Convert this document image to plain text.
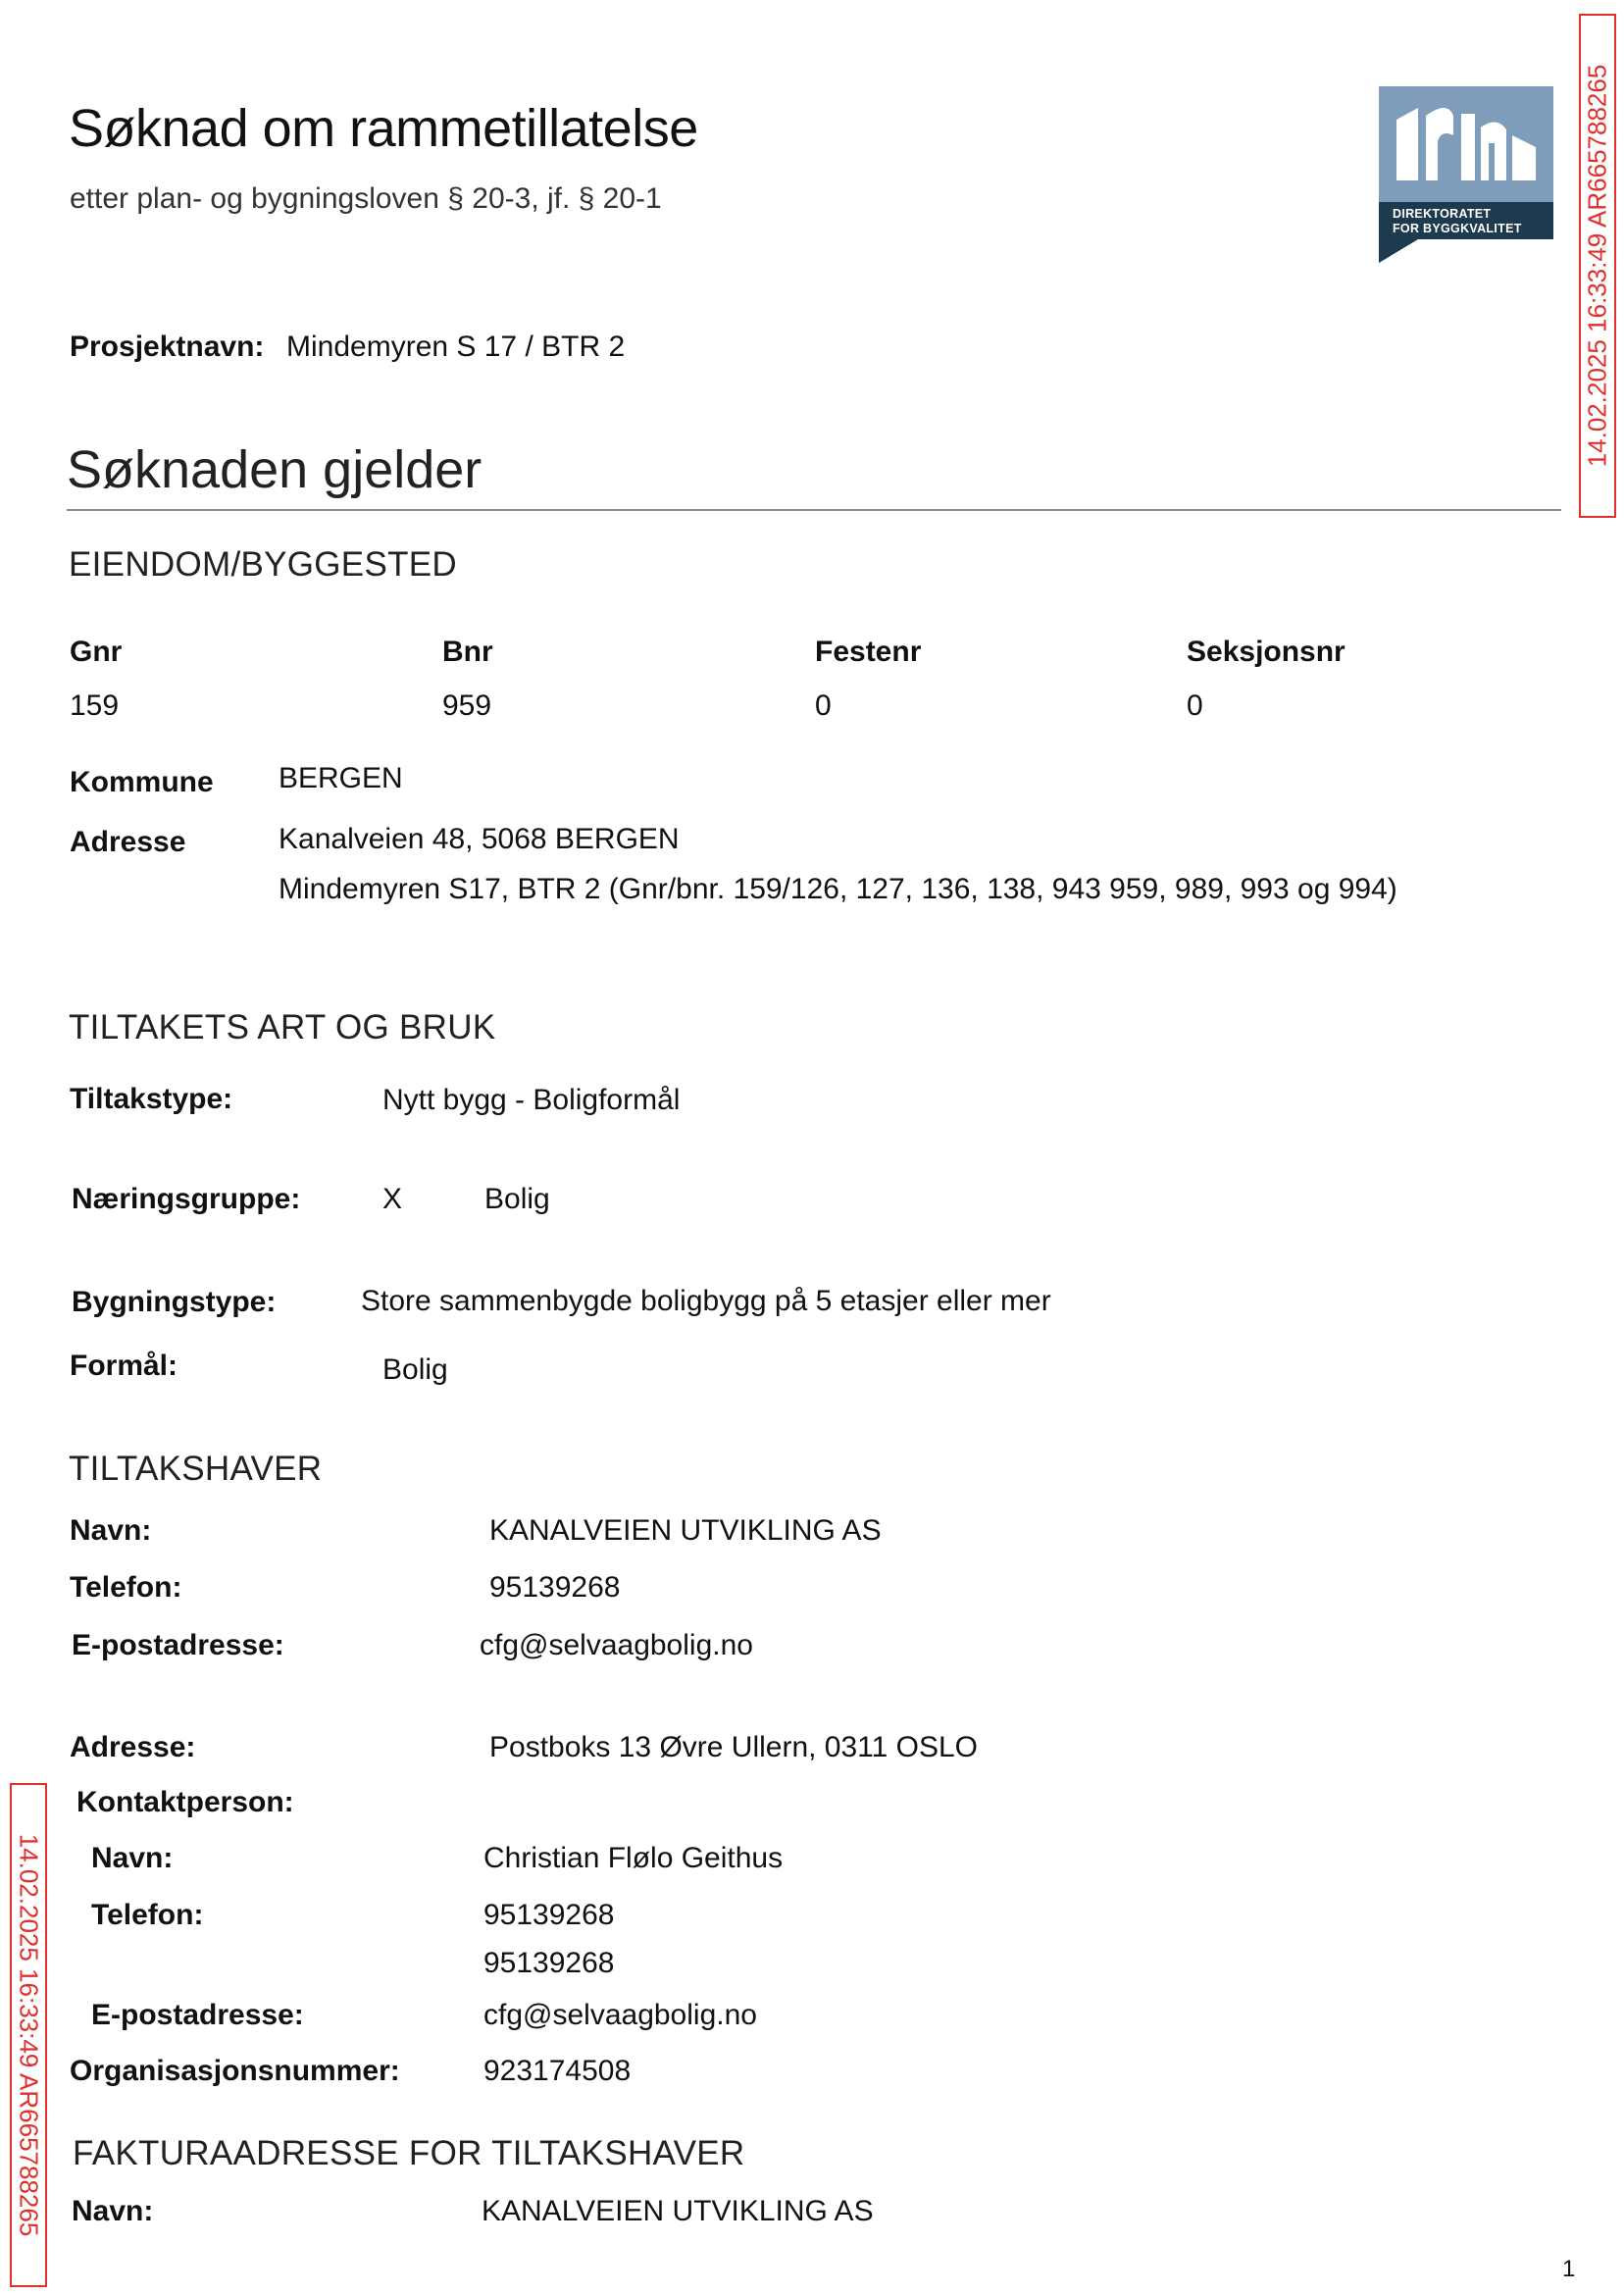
Søknad om rammetillatelse
etter plan- og bygningsloven § 20-3, jf. § 20-1	DIREKTORATET
FOR BYGGKVALITET 14.02.2025 16:33:49 AR665788265
Prosjektnavn: Mindemyren S 17 / BTR 2
Søknaden gjelder
EIENDOM/BYGGESTED
Gnr	Bnr	Festenr	Seksjonsnr
159	959	0	0
Kommune BERGEN
Adresse	Kanalveien 48, 5068 BERGEN
Mindemyren S17, BTR 2 (Gnr/bnr. 159/126, 127, 136, 138, 943 959, 989, 993 og 994)
TILTAKETS ART OG BRUK
Tiltakstype:	Nytt bygg - Boligformål
Næringsgruppe:	X	Bolig
Bygningstype:	Store sammenbygde boligbygg på 5 etasjer eller mer
Formål:	Bolig
TILTAKSHAVER
Navn:	KANALVEIEN UTVIKLING AS
Telefon:	95139268
E-postadresse:	cfg@selvaagbolig.no
Adresse:	Postboks 13 Øvre Ullern, 0311 OSLO
Kontaktperson:
Navn:	Christian Flølo Geithus
Telefon:	95139268
95139268
E-postadresse:	cfg@selvaagbolig.no
Organisasjonsnummer:	923174508
FAKTURAADRESSE FOR TILTAKSHAVER
Navn:	KANALVEIEN UTVIKLING AS
14.02.2025 16:33:49 AR665788265
1
